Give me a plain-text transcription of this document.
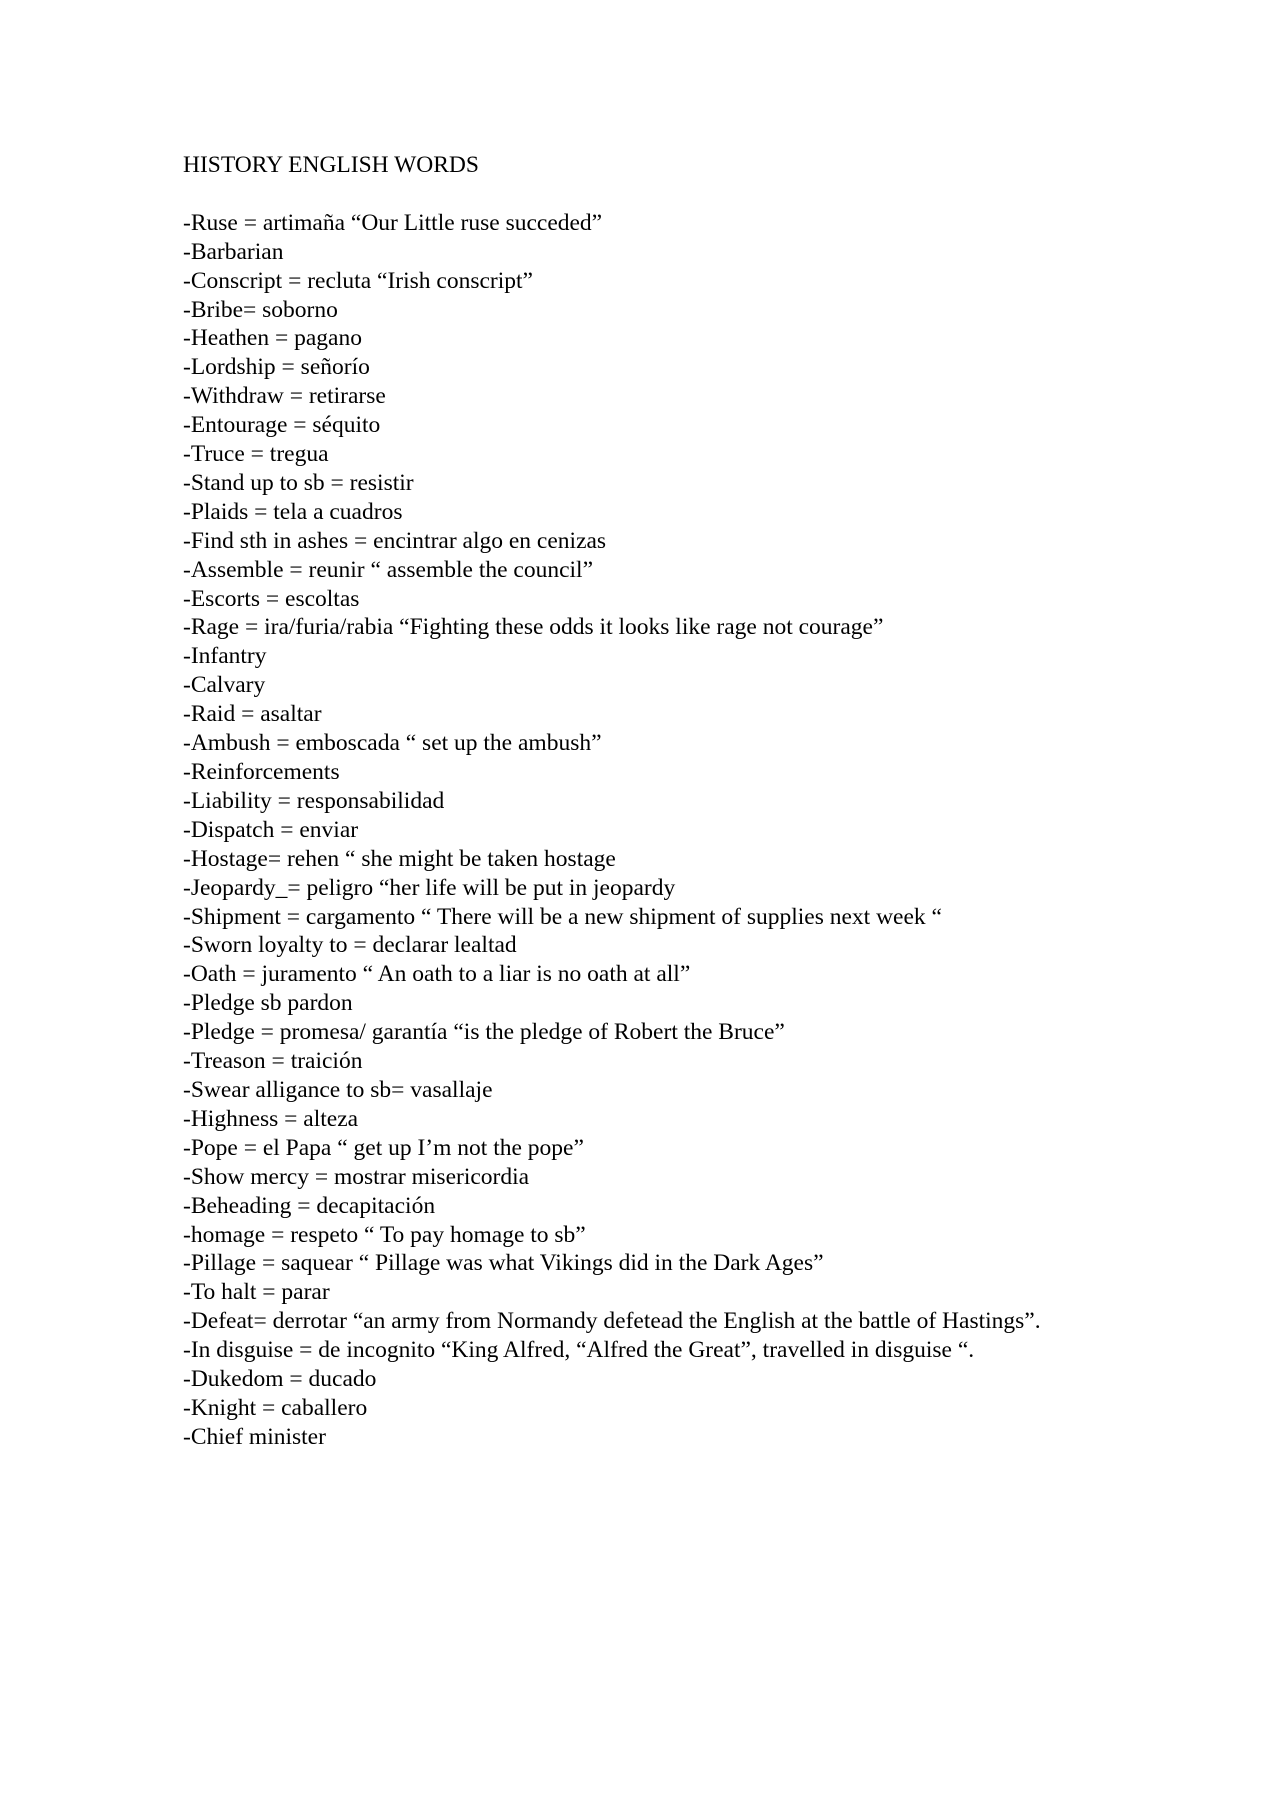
HISTORY ENGLISH WORDS
-Ruse = artimaña “Our Little ruse succeded”
-Barbarian
-Conscript = recluta “Irish conscript”
-Bribe= soborno
-Heathen = pagano
-Lordship = señorío
-Withdraw = retirarse
-Entourage = séquito
-Truce = tregua
-Stand up to sb = resistir
-Plaids = tela a cuadros
-Find sth in ashes = encintrar algo en cenizas
-Assemble = reunir “ assemble the council”
-Escorts = escoltas
-Rage = ira/furia/rabia “Fighting these odds it looks like rage not courage”
-Infantry
-Calvary
-Raid = asaltar
-Ambush = emboscada “ set up the ambush”
-Reinforcements
-Liability = responsabilidad
-Dispatch = enviar
-Hostage= rehen “ she might be taken hostage
-Jeopardy_= peligro “her life will be put in jeopardy
-Shipment = cargamento “ There will be a new shipment of supplies next week “
-Sworn loyalty to = declarar lealtad
-Oath = juramento “ An oath to a liar is no oath at all”
-Pledge sb pardon
-Pledge = promesa/ garantía “is the pledge of Robert the Bruce”
-Treason = traición
-Swear alligance to sb= vasallaje
-Highness = alteza
-Pope = el Papa “ get up I’m not the pope”
-Show mercy = mostrar misericordia
-Beheading = decapitación
-homage = respeto “ To pay homage to sb”
-Pillage = saquear “ Pillage was what Vikings did in the Dark Ages”
-To halt = parar
-Defeat= derrotar “an army from Normandy defetead the English at the battle of Hastings”.
-In disguise = de incognito “King Alfred, “Alfred the Great”, travelled in disguise “.
-Dukedom = ducado
-Knight = caballero
-Chief minister
